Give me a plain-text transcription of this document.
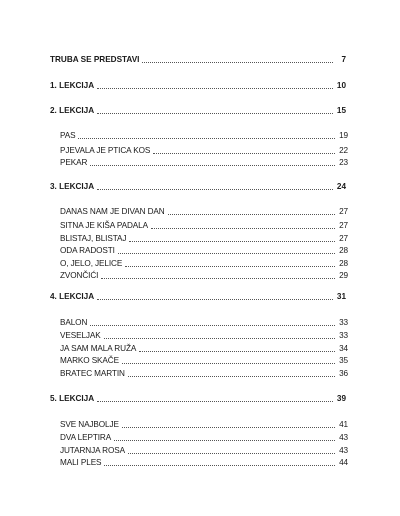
TRUBA SE PREDSTAVI	7
1. LEKCIJA	10
2. LEKCIJA	15
PAS	19
PJEVALA JE PTICA KOS	22
PEKAR	23
3. LEKCIJA	24
DANAS NAM JE DIVAN DAN	27
SITNA JE KIŠA PADALA	27
BLISTAJ, BLISTAJ	27
ODA RADOSTI	28
O, JELO, JELICE	28
ZVONČIĆI	29
4. LEKCIJA	31
BALON	33
VESELJAK	33
JA SAM MALA RUŽA	34
MARKO SKAČE	35
BRATEC MARTIN	36
5. LEKCIJA	39
SVE NAJBOLJE	41
DVA LEPTIRA	43
JUTARNJA ROSA	43
MALI PLES	44
